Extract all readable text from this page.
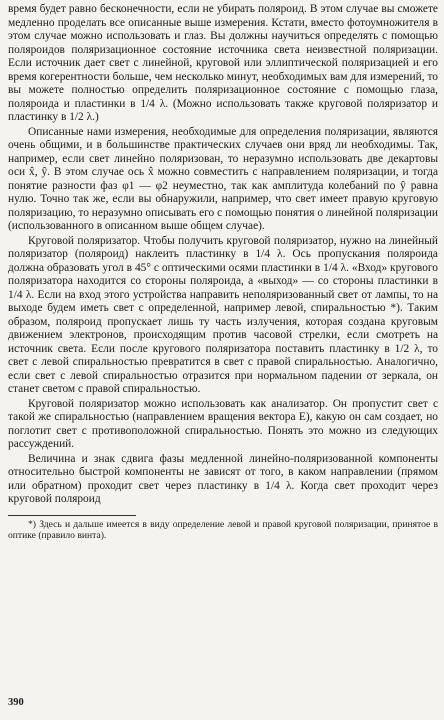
время будет равно бесконечности, если не убирать поляроид. В этом случае вы сможете медленно проделать все описанные выше измерения. Кстати, вместо фотоумножителя в этом случае можно использовать и глаз. Вы должны научиться определять с помощью поляроидов поляризационное состояние источника света неизвестной поляризации. Если источник дает свет с линейной, круговой или эллиптической поляризацией и его время когерентности больше, чем несколько минут, необходимых вам для измерений, то вы можете полностью определить поляризационное состояние с помощью глаза, поляроида и пластинки в 1/4 λ. (Можно использовать также круговой поляризатор и пластинку в 1/2 λ.)

Описанные нами измерения, необходимые для определения поляризации, являются очень общими, и в большинстве практических случаев они вряд ли необходимы. Так, например, если свет линейно поляризован, то неразумно использовать две декартовы оси x̂, ŷ. В этом случае ось x̂ можно совместить с направлением поляризации, и тогда понятие разности фаз φ1 — φ2 неуместно, так как амплитуда колебаний по ŷ равна нулю. Точно так же, если вы обнаружили, например, что свет имеет правую круговую поляризацию, то неразумно описывать его с помощью понятия о линейной поляризации (использованного в описанном выше общем случае).

Круговой поляризатор. Чтобы получить круговой поляризатор, нужно на линейный поляризатор (поляроид) наклеить пластинку в 1/4 λ. Ось пропускания поляроида должна образовать угол в 45° с оптическими осями пластинки в 1/4 λ. «Вход» кругового поляризатора находится со стороны поляроида, а «выход» — со стороны пластинки в 1/4 λ. Если на вход этого устройства направить неполяризованный свет от лампы, то на выходе будем иметь свет с определенной, например левой, спиральностью *). Таким образом, поляроид пропускает лишь ту часть излучения, которая создана круговым движением электронов, происходящим против часовой стрелки, если смотреть на источник света. Если после кругового поляризатора поставить пластинку в 1/2 λ, то свет с левой спиральностью превратится в свет с правой спиральностью. Аналогично, если свет с левой спиральностью отразится при нормальном падении от зеркала, он станет светом с правой спиральностью.

Круговой поляризатор можно использовать как анализатор. Он пропустит свет с такой же спиральностью (направлением вращения вектора E), какую он сам создает, но поглотит свет с противоположной спиральностью. Понять это можно из следующих рассуждений.

Величина и знак сдвига фазы медленной линейно-поляризованной компоненты относительно быстрой компоненты не зависят от того, в каком направлении (прямом или обратном) проходит свет через пластинку в 1/4 λ. Когда свет проходит через круговой поляроид

*) Здесь и дальше имеется в виду определение левой и правой круговой поляризации, принятое в оптике (правило винта).

390
